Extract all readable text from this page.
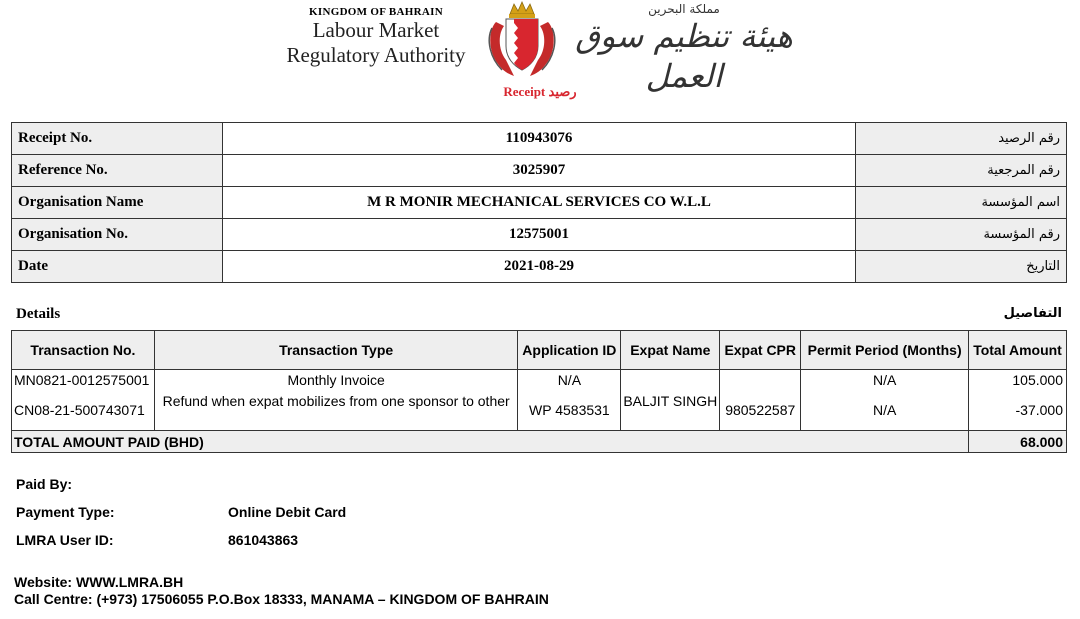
KINGDOM OF BAHRAIN
Labour Market
Regulatory Authority
مملكة البحرين
هيئة تنظيم سوق العمل
Receipt رصيد
Receipt No.	110943076	رقم الرصيد
Reference No.	3025907	رقم المرجعية
Organisation Name	M R MONIR MECHANICAL SERVICES CO W.L.L	اسم المؤسسة
Organisation No.	12575001	رقم المؤسسة
Date	2021-08-29	التاريخ
Details	التفاصيل
Transaction No.	Transaction Type	Application ID	Expat Name	Expat CPR	Permit Period (Months)	Total Amount
MN0821-0012575001	Monthly Invoice	N/A			N/A	105.000
CN08-21-500743071	Refund when expat mobilizes from one sponsor to other	WP 4583531	BALJIT SINGH	980522587	N/A	-37.000
TOTAL AMOUNT PAID (BHD)						68.000
Paid By:
Payment Type:	Online Debit Card
LMRA User ID:	861043863
Website: WWW.LMRA.BH
Call Centre: (+973) 17506055 P.O.Box 18333, MANAMA – KINGDOM OF BAHRAIN
